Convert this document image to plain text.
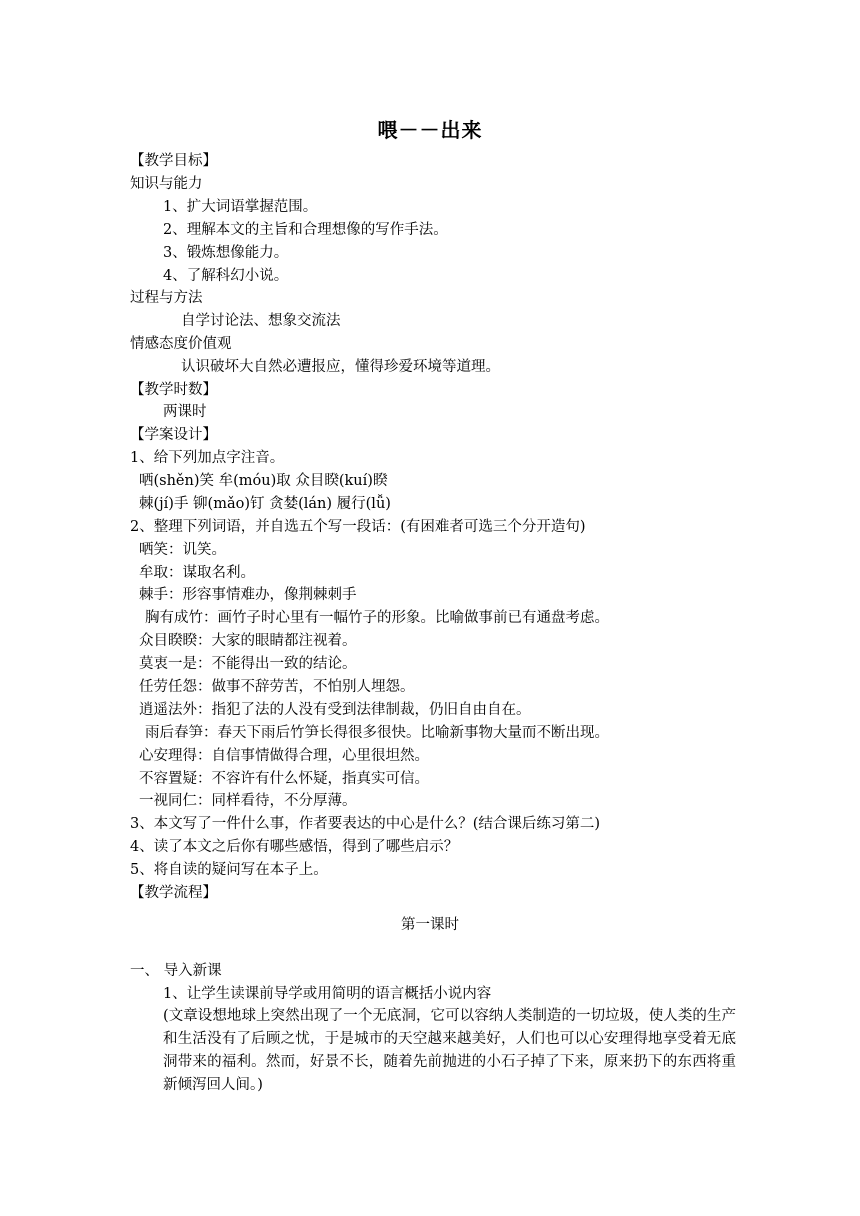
喂－－出来
【教学目标】
知识与能力
1、扩大词语掌握范围。
2、理解本文的主旨和合理想像的写作手法。
3、锻炼想像能力。
4、了解科幻小说。
过程与方法
自学讨论法、想象交流法
情感态度价值观
认识破坏大自然必遭报应，懂得珍爱环境等道理。
【教学时数】
两课时
【学案设计】
1、给下列加点字注音。
哂(shěn)笑 牟(móu)取 众目睽(kuí)睽
棘(jí)手 铆(mǎo)钉 贪婪(lán) 履行(lǚ)
2、整理下列词语，并自选五个写一段话：(有困难者可选三个分开造句)
哂笑：讥笑。
牟取：谋取名利。
棘手：形容事情难办，像荆棘刺手
胸有成竹：画竹子时心里有一幅竹子的形象。比喻做事前已有通盘考虑。
众目睽睽：大家的眼睛都注视着。
莫衷一是：不能得出一致的结论。
任劳任怨：做事不辞劳苦，不怕别人埋怨。
逍遥法外：指犯了法的人没有受到法律制裁，仍旧自由自在。
雨后春笋：春天下雨后竹笋长得很多很快。比喻新事物大量而不断出现。
心安理得：自信事情做得合理，心里很坦然。
不容置疑：不容许有什么怀疑，指真实可信。
一视同仁：同样看待，不分厚薄。
3、本文写了一件什么事，作者要表达的中心是什么？(结合课后练习第二)
4、读了本文之后你有哪些感悟，得到了哪些启示？
5、将自读的疑问写在本子上。
【教学流程】
一、 导入新课
1、让学生读课前导学或用简明的语言概括小说内容
第一课时
(文章设想地球上突然出现了一个无底洞，它可以容纳人类制造的一切垃圾，使人类的生产和生活没有了后顾之忧，于是城市的天空越来越美好，人们也可以心安理得地享受着无底洞带来的福利。然而，好景不长，随着先前抛进的小石子掉了下来，原来扔下的东西将重新倾泻回人间。)
